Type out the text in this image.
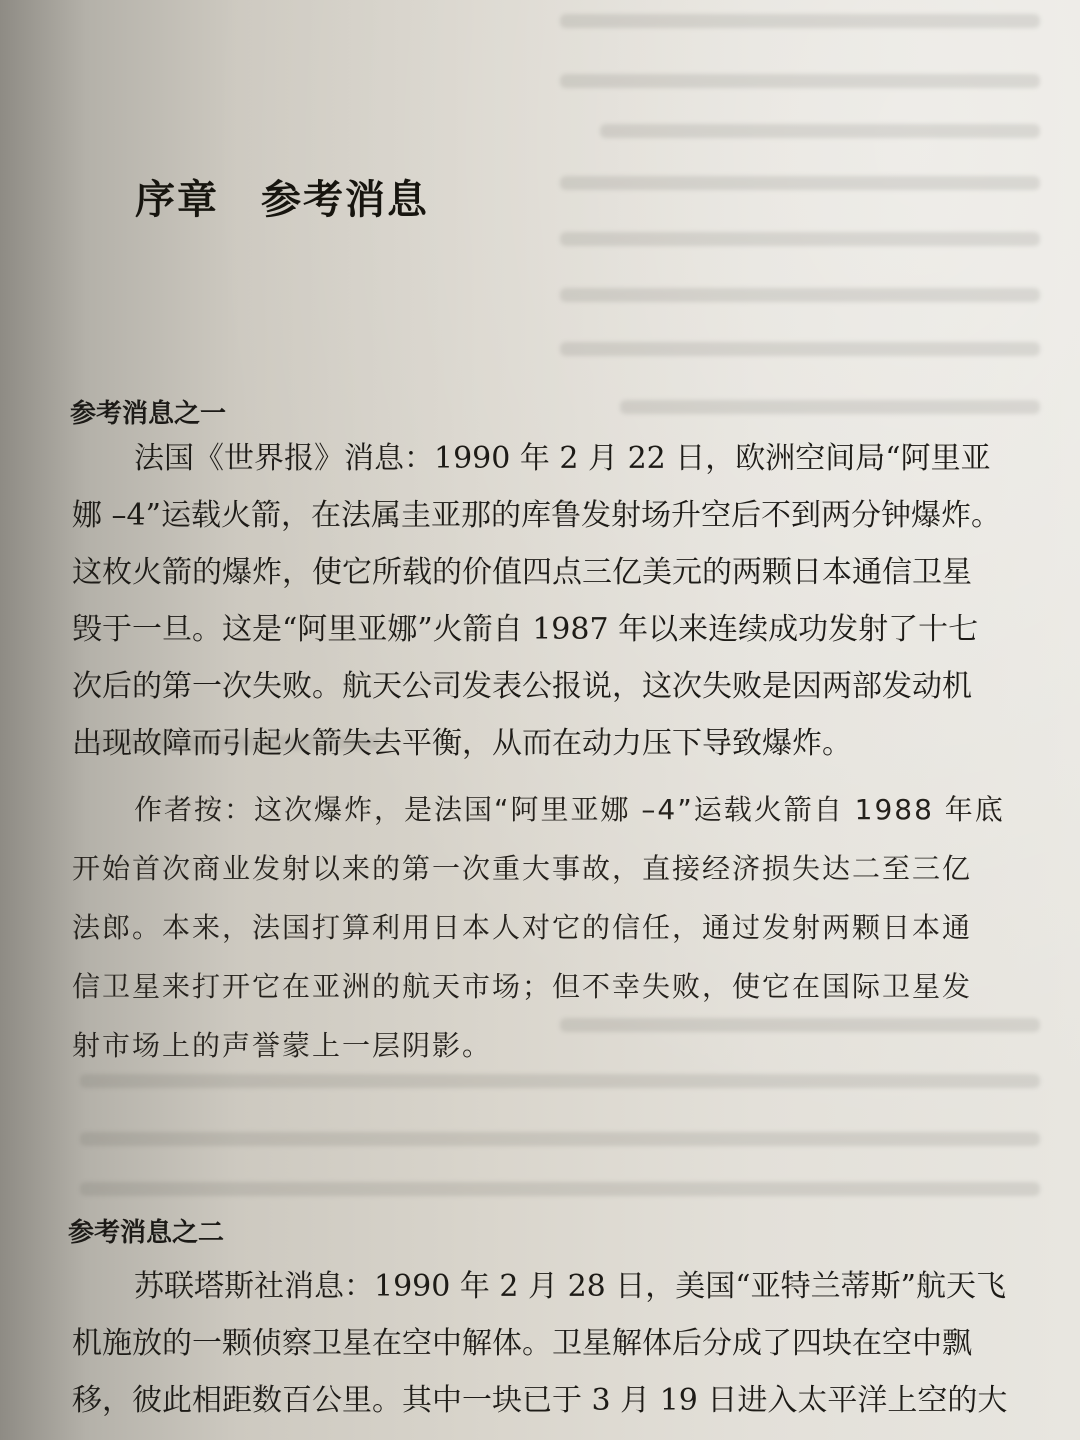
序章 参考消息
参考消息之一
法国《世界报》消息：1990 年 2 月 22 日，欧洲空间局“阿里亚
娜 –4”运载火箭，在法属圭亚那的库鲁发射场升空后不到两分钟爆炸。
这枚火箭的爆炸，使它所载的价值四点三亿美元的两颗日本通信卫星
毁于一旦。这是“阿里亚娜”火箭自 1987 年以来连续成功发射了十七
次后的第一次失败。航天公司发表公报说，这次失败是因两部发动机
出现故障而引起火箭失去平衡，从而在动力压下导致爆炸。
作者按：这次爆炸，是法国“阿里亚娜 –4”运载火箭自 1988 年底
开始首次商业发射以来的第一次重大事故，直接经济损失达二至三亿
法郎。本来，法国打算利用日本人对它的信任，通过发射两颗日本通
信卫星来打开它在亚洲的航天市场；但不幸失败，使它在国际卫星发
射市场上的声誉蒙上一层阴影。
参考消息之二
苏联塔斯社消息：1990 年 2 月 28 日，美国“亚特兰蒂斯”航天飞
机施放的一颗侦察卫星在空中解体。卫星解体后分成了四块在空中飘
移，彼此相距数百公里。其中一块已于 3 月 19 日进入太平洋上空的大
